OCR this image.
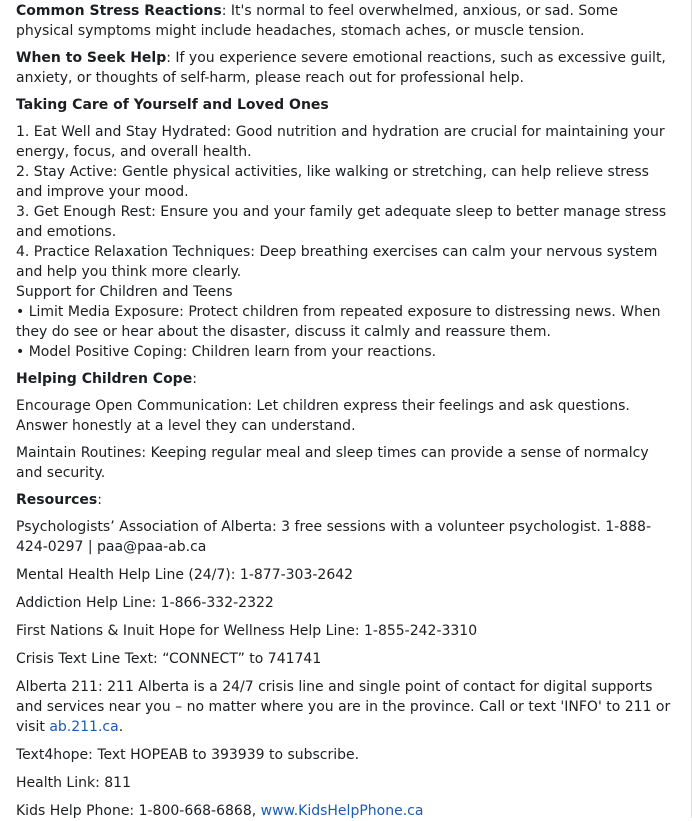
Common Stress Reactions: It's normal to feel overwhelmed, anxious, or sad. Some physical symptoms might include headaches, stomach aches, or muscle tension.

When to Seek Help: If you experience severe emotional reactions, such as excessive guilt, anxiety, or thoughts of self-harm, please reach out for professional help.

Taking Care of Yourself and Loved Ones

1. Eat Well and Stay Hydrated: Good nutrition and hydration are crucial for maintaining your energy, focus, and overall health.

2. Stay Active: Gentle physical activities, like walking or stretching, can help relieve stress and improve your mood.

3. Get Enough Rest: Ensure you and your family get adequate sleep to better manage stress and emotions.

4. Practice Relaxation Techniques: Deep breathing exercises can calm your nervous system and help you think more clearly.

Support for Children and Teens

• Limit Media Exposure: Protect children from repeated exposure to distressing news. When they do see or hear about the disaster, discuss it calmly and reassure them.

• Model Positive Coping: Children learn from your reactions.

Helping Children Cope:

Encourage Open Communication: Let children express their feelings and ask questions. Answer honestly at a level they can understand.

Maintain Routines: Keeping regular meal and sleep times can provide a sense of normalcy and security.

Resources:

Psychologists’ Association of Alberta: 3 free sessions with a volunteer psychologist. 1-888-424-0297 | paa@paa-ab.ca

Mental Health Help Line (24/7): 1-877-303-2642

Addiction Help Line: 1-866-332-2322

First Nations & Inuit Hope for Wellness Help Line: 1-855-242-3310

Crisis Text Line Text: “CONNECT” to 741741

Alberta 211: 211 Alberta is a 24/7 crisis line and single point of contact for digital supports and services near you – no matter where you are in the province. Call or text 'INFO' to 211 or visit ab.211.ca.

Text4hope: Text HOPEAB to 393939 to subscribe.

Health Link: 811

Kids Help Phone: 1-800-668-6868, www.KidsHelpPhone.ca
